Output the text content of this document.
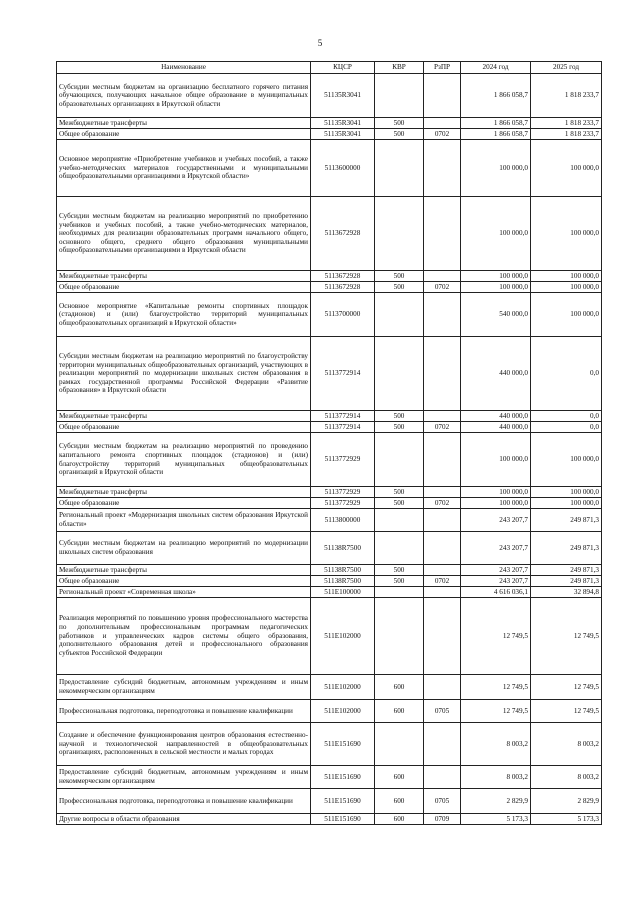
5
Наименование	КЦСР	КВР	РзПР	2024 год	2025 год
Субсидии местным бюджетам на организацию бесплатного горячего питания обучающихся, получающих начальное общее образование в муниципальных образовательных организациях в Иркутской области	51135R3041			1 866 058,7	1 818 233,7
Межбюджетные трансферты	51135R3041	500		1 866 058,7	1 818 233,7
Общее образование	51135R3041	500	0702	1 866 058,7	1 818 233,7
Основное мероприятие «Приобретение учебников и учебных пособий, а также учебно-методических материалов государственными и муниципальными общеобразовательными организациями в Иркутской области»	5113600000			100 000,0	100 000,0
Субсидии местным бюджетам на реализацию мероприятий по приобретению учебников и учебных пособий, а также учебно-методических материалов, необходимых для реализации образовательных программ начального общего, основного общего, среднего общего образования муниципальными общеобразовательными организациями в Иркутской области	5113672928			100 000,0	100 000,0
Межбюджетные трансферты	5113672928	500		100 000,0	100 000,0
Общее образование	5113672928	500	0702	100 000,0	100 000,0
Основное мероприятие «Капитальные ремонты спортивных площадок (стадионов) и (или) благоустройство территорий муниципальных общеобразовательных организаций в Иркутской области»	5113700000			540 000,0	100 000,0
Субсидии местным бюджетам на реализацию мероприятий по благоустройству территории муниципальных общеобразовательных организаций, участвующих в реализации мероприятий по модернизации школьных систем образования в рамках государственной программы Российской Федерации «Развитие образования» в Иркутской области	5113772914			440 000,0	0,0
Межбюджетные трансферты	5113772914	500		440 000,0	0,0
Общее образование	5113772914	500	0702	440 000,0	0,0
Субсидии местным бюджетам на реализацию мероприятий по проведению капитального ремонта спортивных площадок (стадионов) и (или) благоустройству территорий муниципальных общеобразовательных организаций в Иркутской области	5113772929			100 000,0	100 000,0
Межбюджетные трансферты	5113772929	500		100 000,0	100 000,0
Общее образование	5113772929	500	0702	100 000,0	100 000,0
Региональный проект «Модернизация школьных систем образования Иркутской области»	5113800000			243 207,7	249 871,3
Субсидии местным бюджетам на реализацию мероприятий по модернизации школьных систем образования	51138R7500			243 207,7	249 871,3
Межбюджетные трансферты	51138R7500	500		243 207,7	249 871,3
Общее образование	51138R7500	500	0702	243 207,7	249 871,3
Региональный проект «Современная школа»	511E100000			4 616 036,1	32 894,8
Реализация мероприятий по повышению уровня профессионального мастерства по дополнительным профессиональным программам педагогических работников и управленческих кадров системы общего образования, дополнительного образования детей и профессионального образования субъектов Российской Федерации	511E102000			12 749,5	12 749,5
Предоставление субсидий бюджетным, автономным учреждениям и иным некоммерческим организациям	511E102000	600		12 749,5	12 749,5
Профессиональная подготовка, переподготовка и повышение квалификации	511E102000	600	0705	12 749,5	12 749,5
Создание и обеспечение функционирования центров образования естественно-научной и технологической направленностей в общеобразовательных организациях, расположенных в сельской местности и малых городах	511E151690			8 003,2	8 003,2
Предоставление субсидий бюджетным, автономным учреждениям и иным некоммерческим организациям	511E151690	600		8 003,2	8 003,2
Профессиональная подготовка, переподготовка и повышение квалификации	511E151690	600	0705	2 829,9	2 829,9
Другие вопросы в области образования	511E151690	600	0709	5 173,3	5 173,3
